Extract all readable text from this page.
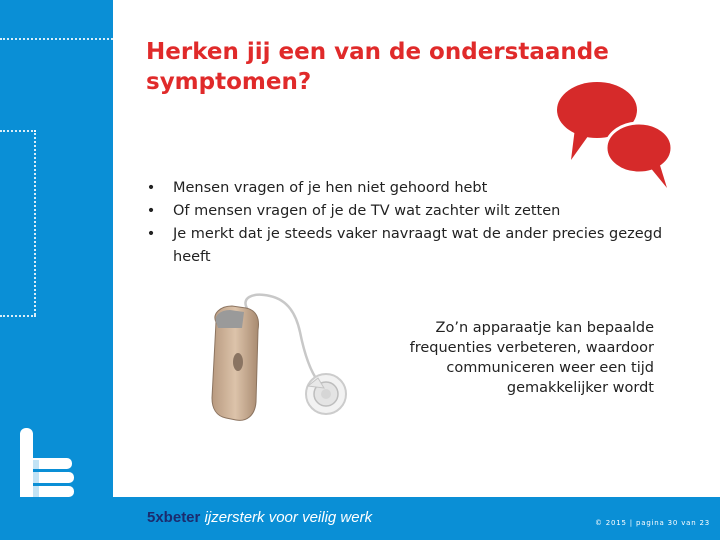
Herken jij een van de onderstaande symptomen?
• Mensen vragen of je hen niet gehoord hebt
• Of mensen vragen of je de TV wat zachter wilt zetten
• Je merkt dat je steeds vaker navraagt wat de ander precies gezegd heeft
Zo’n apparaatje kan bepaalde frequenties verbeteren, waardoor communiceren weer een tijd gemakkelijker wordt
5xbeter ijzersterk voor veilig werk	© 2015 | pagina 30 van 23
